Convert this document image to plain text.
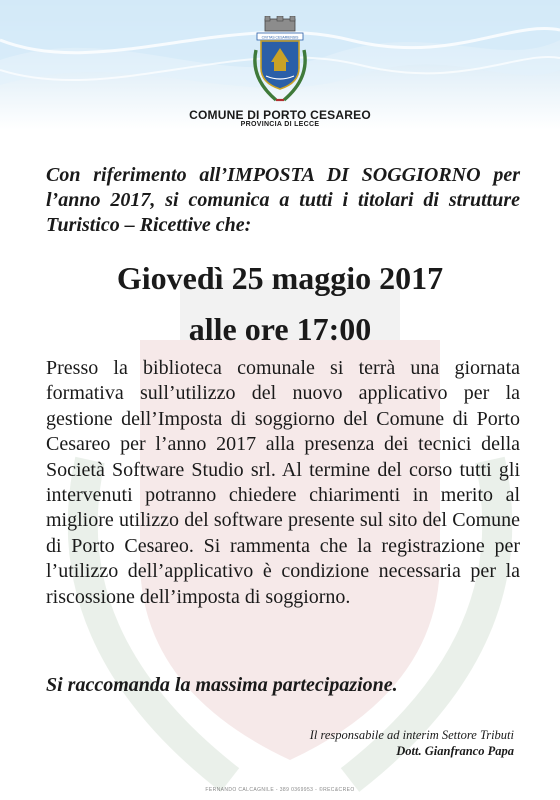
CIVITAS CESARIENSIS
COMUNE DI PORTO CESAREO
PROVINCIA DI LECCE
Con riferimento all’IMPOSTA DI SOGGIORNO per l’anno 2017, si comunica a tutti i titolari di strutture Turistico – Ricettive che:
Giovedì 25 maggio 2017
alle ore 17:00
Presso la biblioteca comunale si terrà una giornata formativa sull’utilizzo del nuovo applicativo per la gestione dell’Imposta di soggiorno del Comune di Porto Cesareo per l’anno 2017 alla presenza dei tecnici della Società Software Studio srl. Al termine del corso tutti gli intervenuti potranno chiedere chiarimenti in merito al migliore utilizzo del software presente sul sito del Comune di Porto Cesareo. Si rammenta che la registrazione per l’utilizzo dell’applicativo è condizione necessaria per la riscossione dell’imposta di soggiorno.
Si raccomanda la massima partecipazione.
Il responsabile ad interim Settore Tributi
Dott. Gianfranco Papa
FERNANDO CALCAGNILE - 389 0369953 - ©REC&CREO
